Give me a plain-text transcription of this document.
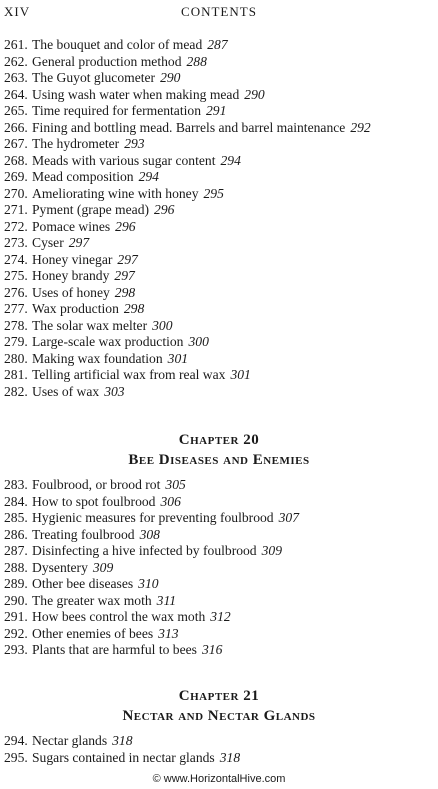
XIV	CONTENTS
261. The bouquet and color of mead 287
262. General production method 288
263. The Guyot glucometer 290
264. Using wash water when making mead 290
265. Time required for fermentation 291
266. Fining and bottling mead. Barrels and barrel maintenance 292
267. The hydrometer 293
268. Meads with various sugar content 294
269. Mead composition 294
270. Ameliorating wine with honey 295
271. Pyment (grape mead) 296
272. Pomace wines 296
273. Cyser 297
274. Honey vinegar 297
275. Honey brandy 297
276. Uses of honey 298
277. Wax production 298
278. The solar wax melter 300
279. Large-scale wax production 300
280. Making wax foundation 301
281. Telling artificial wax from real wax 301
282. Uses of wax 303
Chapter 20
Bee Diseases and Enemies
283. Foulbrood, or brood rot 305
284. How to spot foulbrood 306
285. Hygienic measures for preventing foulbrood 307
286. Treating foulbrood 308
287. Disinfecting a hive infected by foulbrood 309
288. Dysentery 309
289. Other bee diseases 310
290. The greater wax moth 311
291. How bees control the wax moth 312
292. Other enemies of bees 313
293. Plants that are harmful to bees 316
Chapter 21
Nectar and Nectar Glands
294. Nectar glands 318
295. Sugars contained in nectar glands 318
© www.HorizontalHive.com
